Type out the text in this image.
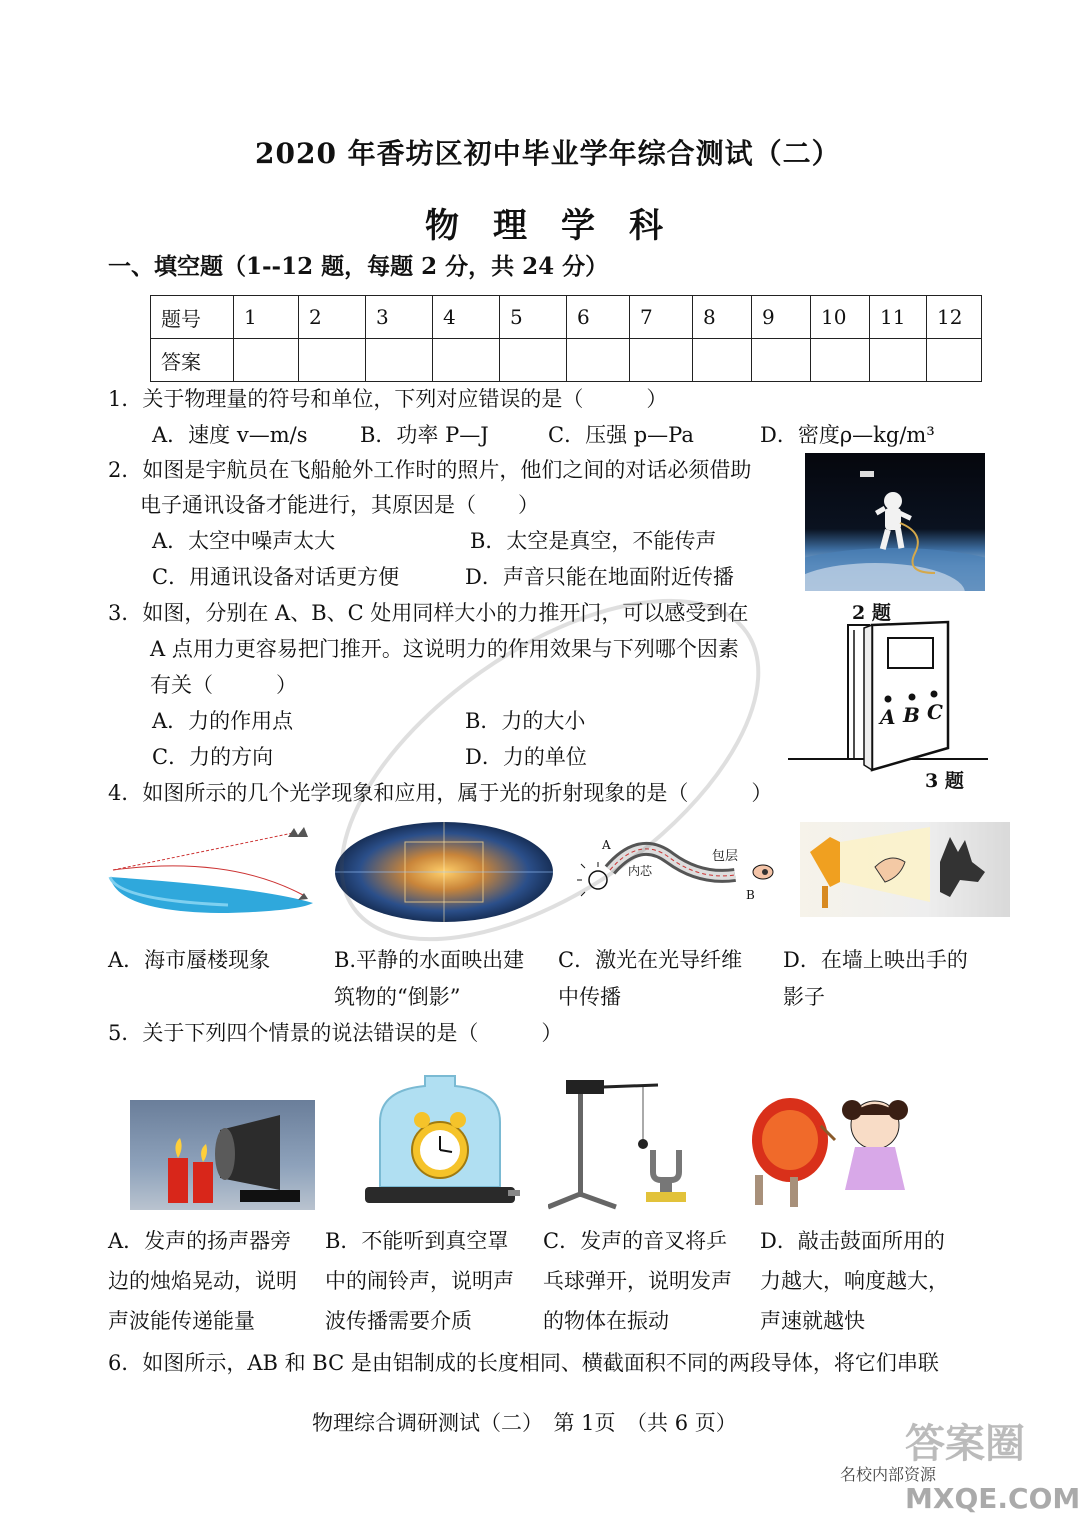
2020 年香坊区初中毕业学年综合测试（二）
物　理　学　科
一、填空题（1--12 题，每题 2 分，共 24 分）
题号	1	2	3	4	5	6	7	8	9	10	11	12
答案												
1．关于物理量的符号和单位，下列对应错误的是（　　　）
A．速度 v—m/s	B．功率 P—J	C．压强 p—Pa	D．密度ρ—kg/m³
2．如图是宇航员在飞船舱外工作时的照片，他们之间的对话必须借助
电子通讯设备才能进行，其原因是（　　）
A．太空中噪声太大	B．太空是真空，不能传声
C．用通讯设备对话更方便	D．声音只能在地面附近传播
2 题
3．如图，分别在 A、B、C 处用同样大小的力推开门，可以感受到在
A 点用力更容易把门推开。这说明力的作用效果与下列哪个因素
有关（　　　）
A．力的作用点	B．力的大小
C．力的方向	D．力的单位
A B C
3 题
4．如图所示的几个光学现象和应用，属于光的折射现象的是（　　　）
A
内芯
包层
B
A．海市蜃楼现象	B.平静的水面映出建
筑物的“倒影”
C．激光在光导纤维
中传播
D．在墙上映出手的
影子
5．关于下列四个情景的说法错误的是（　　　）
A．发声的扬声器旁
边的烛焰晃动，说明
声波能传递能量
B．不能听到真空罩
中的闹铃声，说明声
波传播需要介质
C．发声的音叉将乒
乓球弹开，说明发声
的物体在振动
D．敲击鼓面所用的
力越大，响度越大，
声速就越快
6．如图所示，AB 和 BC 是由铝制成的长度相同、横截面积不同的两段导体，将它们串联
物理综合调研测试（二）　第 1页　（共 6 页）
名校内部资源
答案圈
MXQE.COM
